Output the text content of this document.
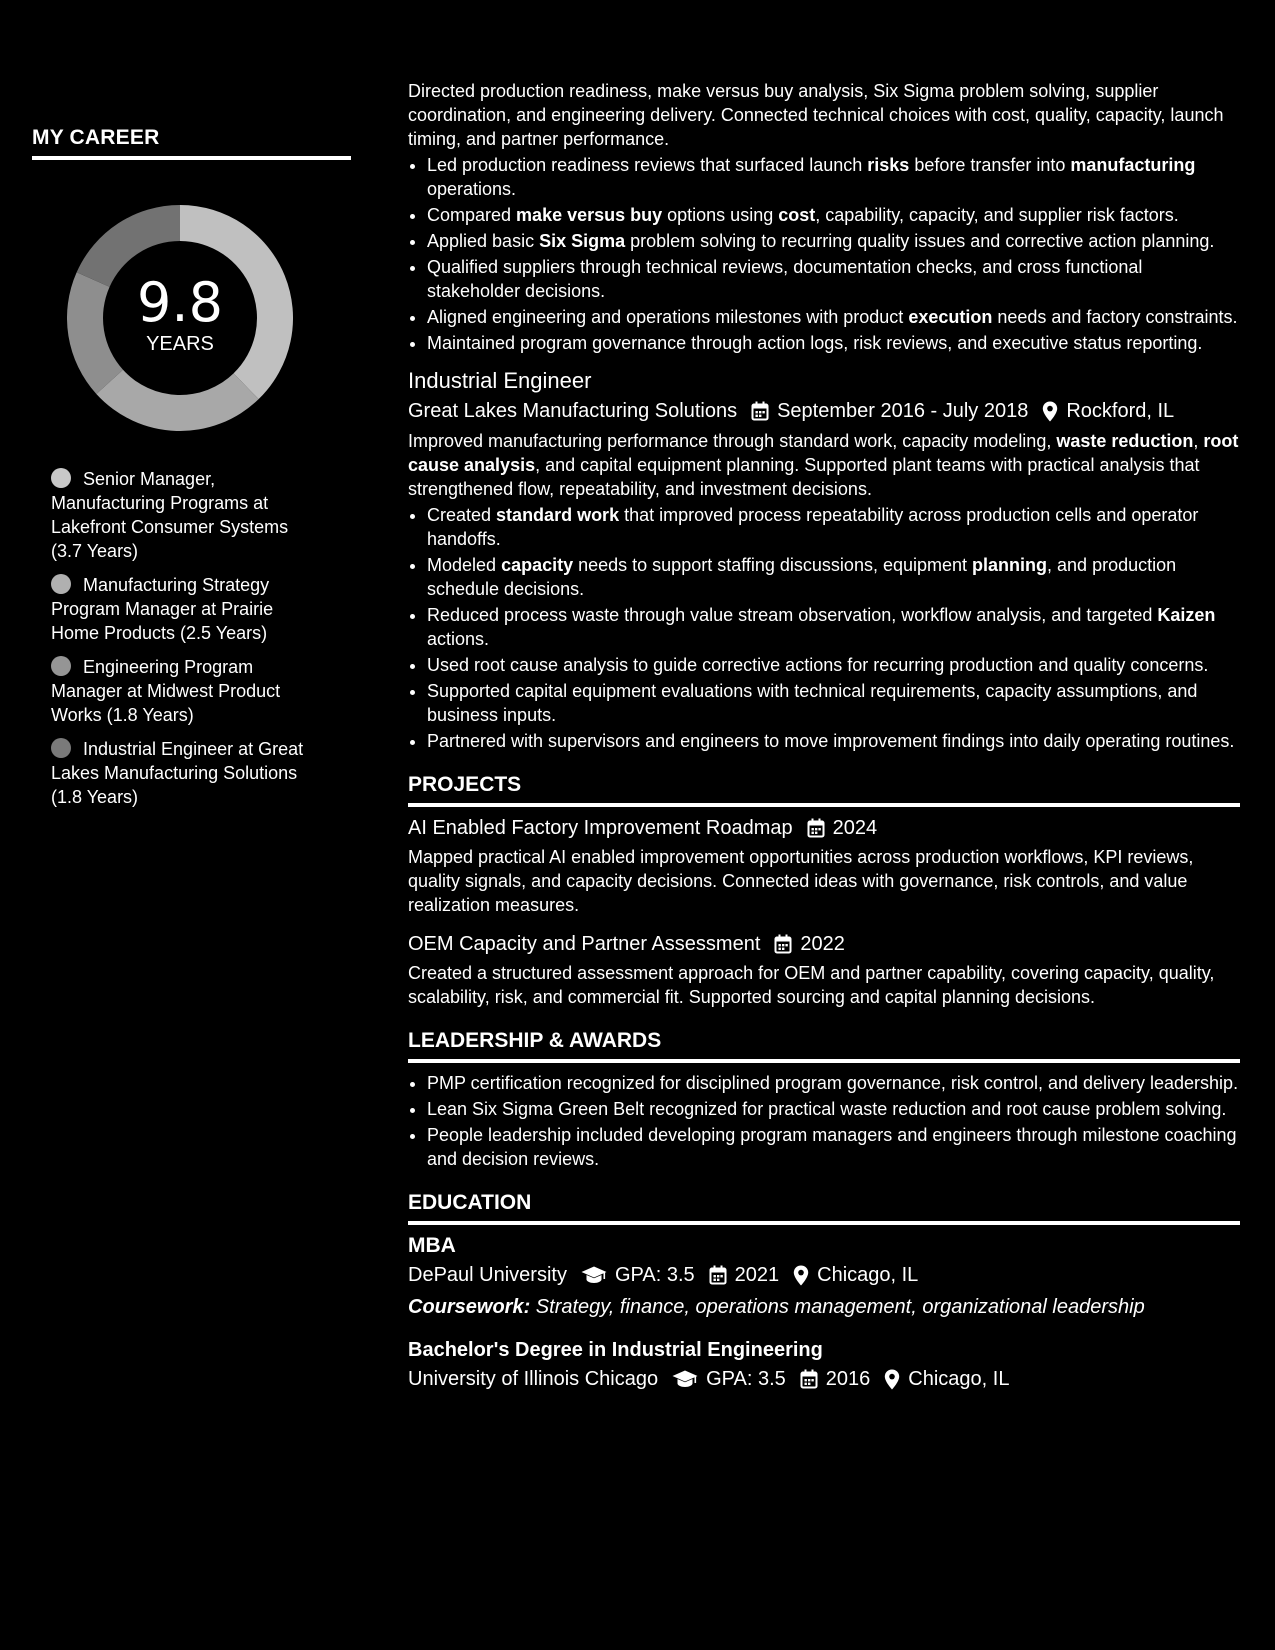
MY CAREER
9.8
YEARS
Senior Manager, Manufacturing Programs at Lakefront Consumer Systems (3.7 Years)
Manufacturing Strategy Program Manager at Prairie Home Products (2.5 Years)
Engineering Program Manager at Midwest Product Works (1.8 Years)
Industrial Engineer at Great Lakes Manufacturing Solutions (1.8 Years)

Directed production readiness, make versus buy analysis, Six Sigma problem solving, supplier coordination, and engineering delivery. Connected technical choices with cost, quality, capacity, launch timing, and partner performance.

• Led production readiness reviews that surfaced launch risks before transfer into manufacturing operations.
• Compared make versus buy options using cost, capability, capacity, and supplier risk factors.
• Applied basic Six Sigma problem solving to recurring quality issues and corrective action planning.
• Qualified suppliers through technical reviews, documentation checks, and cross functional stakeholder decisions.
• Aligned engineering and operations milestones with product execution needs and factory constraints.
• Maintained program governance through action logs, risk reviews, and executive status reporting.
Industrial Engineer
Great Lakes Manufacturing Solutions September 2016 - July 2018 Rockford, IL

Improved manufacturing performance through standard work, capacity modeling, waste reduction, root cause analysis, and capital equipment planning. Supported plant teams with practical analysis that strengthened flow, repeatability, and investment decisions.

• Created standard work that improved process repeatability across production cells and operator handoffs.
• Modeled capacity needs to support staffing discussions, equipment planning, and production schedule decisions.
• Reduced process waste through value stream observation, workflow analysis, and targeted Kaizen actions.
• Used root cause analysis to guide corrective actions for recurring production and quality concerns.
• Supported capital equipment evaluations with technical requirements, capacity assumptions, and business inputs.
• Partnered with supervisors and engineers to move improvement findings into daily operating routines.
PROJECTS
AI Enabled Factory Improvement Roadmap 2024

Mapped practical AI enabled improvement opportunities across production workflows, KPI reviews, quality signals, and capacity decisions. Connected ideas with governance, risk controls, and value realization measures.

OEM Capacity and Partner Assessment 2022

Created a structured assessment approach for OEM and partner capability, covering capacity, quality, scalability, risk, and commercial fit. Supported sourcing and capital planning decisions.

LEADERSHIP & AWARDS
• PMP certification recognized for disciplined program governance, risk control, and delivery leadership.
• Lean Six Sigma Green Belt recognized for practical waste reduction and root cause problem solving.
• People leadership included developing program managers and engineers through milestone coaching and decision reviews.
EDUCATION
MBA
DePaul University GPA: 3.5 2021 Chicago, IL
Coursework: Strategy, finance, operations management, organizational leadership
Bachelor's Degree in Industrial Engineering
University of Illinois Chicago GPA: 3.5 2016 Chicago, IL
